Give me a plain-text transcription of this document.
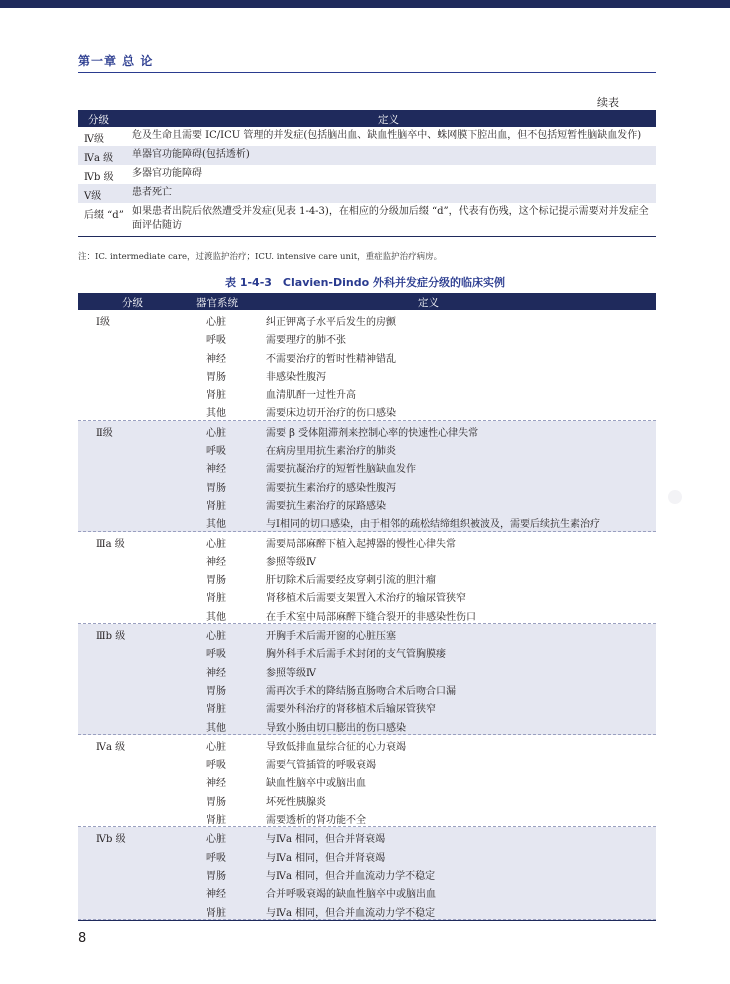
第一章 总 论
续表
分级	定义
Ⅳ级	危及生命且需要 IC/ICU 管理的并发症(包括脑出血、缺血性脑卒中、蛛网膜下腔出血，但不包括短暂性脑缺血发作)
Ⅳa 级 单器官功能障碍(包括透析)
Ⅳb 级 多器官功能障碍
Ⅴ级	患者死亡
后缀 “d” 如果患者出院后依然遭受并发症(见表 1-4-3)，在相应的分级加后缀 “d”，代表有伤残，这个标记提示需要对并发症全面评估随访
注：IC. intermediate care，过渡监护治疗；ICU. intensive care unit，重症监护治疗病房。
表 1-4-3　Clavien-Dindo 外科并发症分级的临床实例
分级	器官系统	定义
Ⅰ级	心脏	纠正钾离子水平后发生的房颤
呼吸	需要理疗的肺不张
神经	不需要治疗的暂时性精神错乱
胃肠	非感染性腹泻
肾脏	血清肌酐一过性升高
其他	需要床边切开治疗的伤口感染
Ⅱ级	心脏	需要 β 受体阻滞剂来控制心率的快速性心律失常
呼吸	在病房里用抗生素治疗的肺炎
神经	需要抗凝治疗的短暂性脑缺血发作
胃肠	需要抗生素治疗的感染性腹泻
肾脏	需要抗生素治疗的尿路感染
其他	与Ⅰ相同的切口感染，由于相邻的疏松结缔组织被波及，需要后续抗生素治疗
Ⅲa 级	心脏	需要局部麻醉下植入起搏器的慢性心律失常
神经	参照等级Ⅳ
胃肠	肝切除术后需要经皮穿刺引流的胆汁瘤
肾脏	肾移植术后需要支架置入术治疗的输尿管狭窄
其他	在手术室中局部麻醉下缝合裂开的非感染性伤口
Ⅲb 级	心脏	开胸手术后需开窗的心脏压塞
呼吸	胸外科手术后需手术封闭的支气管胸膜瘘
神经	参照等级Ⅳ
胃肠	需再次手术的降结肠直肠吻合术后吻合口漏
肾脏	需要外科治疗的肾移植术后输尿管狭窄
其他	导致小肠由切口膨出的伤口感染
Ⅳa 级	心脏	导致低排血量综合征的心力衰竭
呼吸	需要气管插管的呼吸衰竭
神经	缺血性脑卒中或脑出血
胃肠	坏死性胰腺炎
肾脏	需要透析的肾功能不全
Ⅳb 级	心脏	与Ⅳa 相同，但合并肾衰竭
呼吸	与Ⅳa 相同，但合并肾衰竭
胃肠	与Ⅳa 相同，但合并血流动力学不稳定
神经	合并呼吸衰竭的缺血性脑卒中或脑出血
肾脏	与Ⅳa 相同，但合并血流动力学不稳定
8
